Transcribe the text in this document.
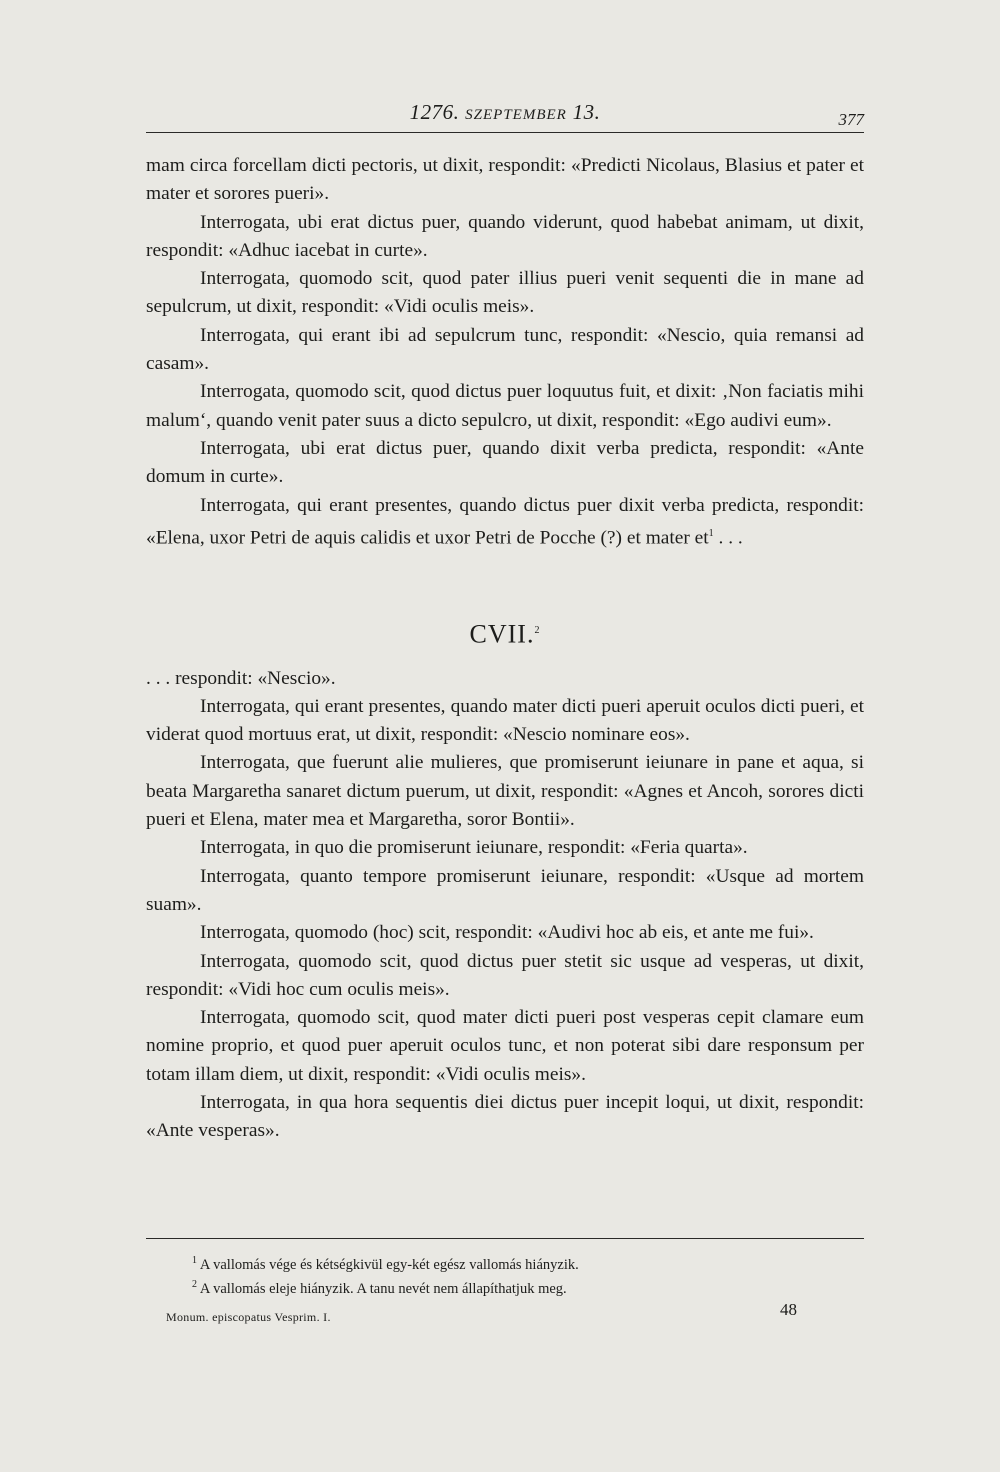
1276. SZEPTEMBER 13.	377

mam circa forcellam dicti pectoris, ut dixit, respondit: «Predicti Nicolaus, Blasius et pater et mater et sorores pueri».

Interrogata, ubi erat dictus puer, quando viderunt, quod habebat animam, ut dixit, respondit: «Adhuc iacebat in curte».

Interrogata, quomodo scit, quod pater illius pueri venit sequenti die in mane ad sepulcrum, ut dixit, respondit: «Vidi oculis meis».

Interrogata, qui erant ibi ad sepulcrum tunc, respondit: «Nescio, quia remansi ad casam».

Interrogata, quomodo scit, quod dictus puer loquutus fuit, et dixit: ‚Non faciatis mihi malum‘, quando venit pater suus a dicto sepulcro, ut dixit, respondit: «Ego audivi eum».

Interrogata, ubi erat dictus puer, quando dixit verba predicta, respondit: «Ante domum in curte».

Interrogata, qui erant presentes, quando dictus puer dixit verba predicta, respondit: «Elena, uxor Petri de aquis calidis et uxor Petri de Pocche (?) et mater $et^1$ . . .

CVII.$^2$

. . . respondit: «Nescio».

Interrogata, qui erant presentes, quando mater dicti pueri aperuit oculos dicti pueri, et viderat quod mortuus erat, ut dixit, respondit: «Nescio nominare eos».

Interrogata, que fuerunt alie mulieres, que promiserunt ieiunare in pane et aqua, si beata Margaretha sanaret dictum puerum, ut dixit, respondit: «Agnes et Ancoh, sorores dicti pueri et Elena, mater mea et Margaretha, soror Bontii».

Interrogata, in quo die promiserunt ieiunare, respondit: «Feria quarta».

Interrogata, quanto tempore promiserunt ieiunare, respondit: «Usque ad mortem suam».

Interrogata, quomodo (hoc) scit, respondit: «Audivi hoc ab eis, et ante me fui».

Interrogata, quomodo scit, quod dictus puer stetit sic usque ad vesperas, ut dixit, respondit: «Vidi hoc cum oculis meis».

Interrogata, quomodo scit, quod mater dicti pueri post vesperas cepit clamare eum nomine proprio, et quod puer aperuit oculos tunc, et non poterat sibi dare responsum per totam illam diem, ut dixit, respondit: «Vidi oculis meis».

Interrogata, in qua hora sequentis diei dictus puer incepit loqui, ut dixit, respondit: «Ante vesperas».

$^1$ A vallomás vége és kétségkivül egy-két egész vallomás hiányzik.
$^2$ A vallomás eleje hiányzik. A tanu nevét nem állapíthatjuk meg.
Monum. episcopatus Vesprim. I.	48
